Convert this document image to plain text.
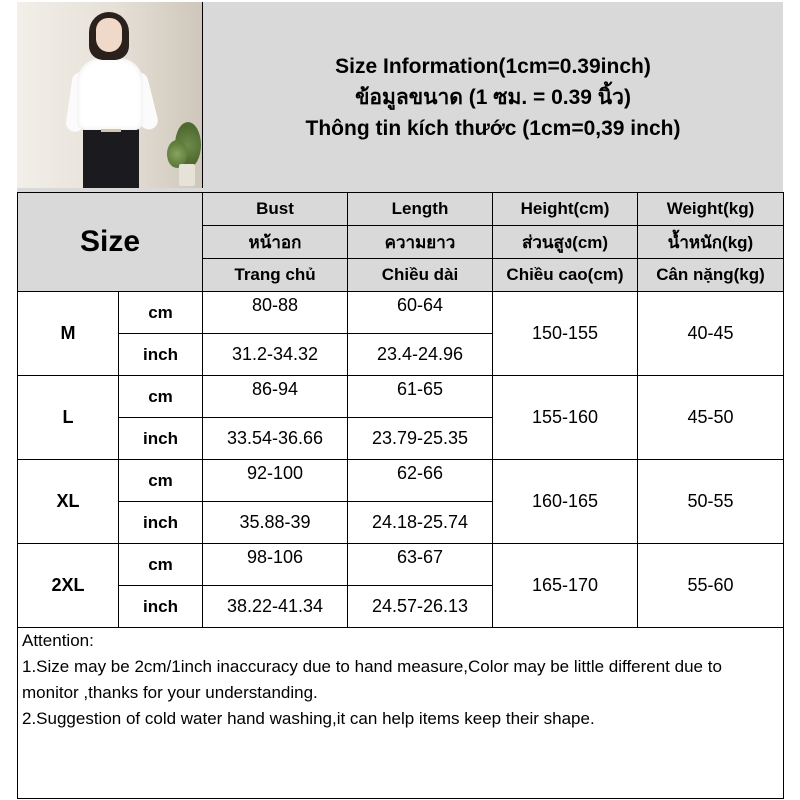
Size Information(1cm=0.39inch)
ข้อมูลขนาด (1 ซม. = 0.39 นิ้ว)
Thông tin kích thước (1cm=0,39 inch)
Size		Bust	Length	Height(cm)	Weight(kg)
		หน้าอก	ความยาว	ส่วนสูง(cm)	น้ำหนัก(kg)
		Trang chủ	Chiều dài	Chiều cao(cm)	Cân nặng(kg)
M	cm	80-88	60-64	150-155	40-45
	inch	31.2-34.32	23.4-24.96		
L	cm	86-94	61-65	155-160	45-50
	inch	33.54-36.66	23.79-25.35		
XL	cm	92-100	62-66	160-165	50-55
	inch	35.88-39	24.18-25.74		
2XL	cm	98-106	63-67	165-170	55-60
	inch	38.22-41.34	24.57-26.13		

Attention:
1.Size may be 2cm/1inch inaccuracy due to hand measure,Color may be little different due to monitor ,thanks for your understanding.
2.Suggestion of cold water hand washing,it can help items keep their shape.					
